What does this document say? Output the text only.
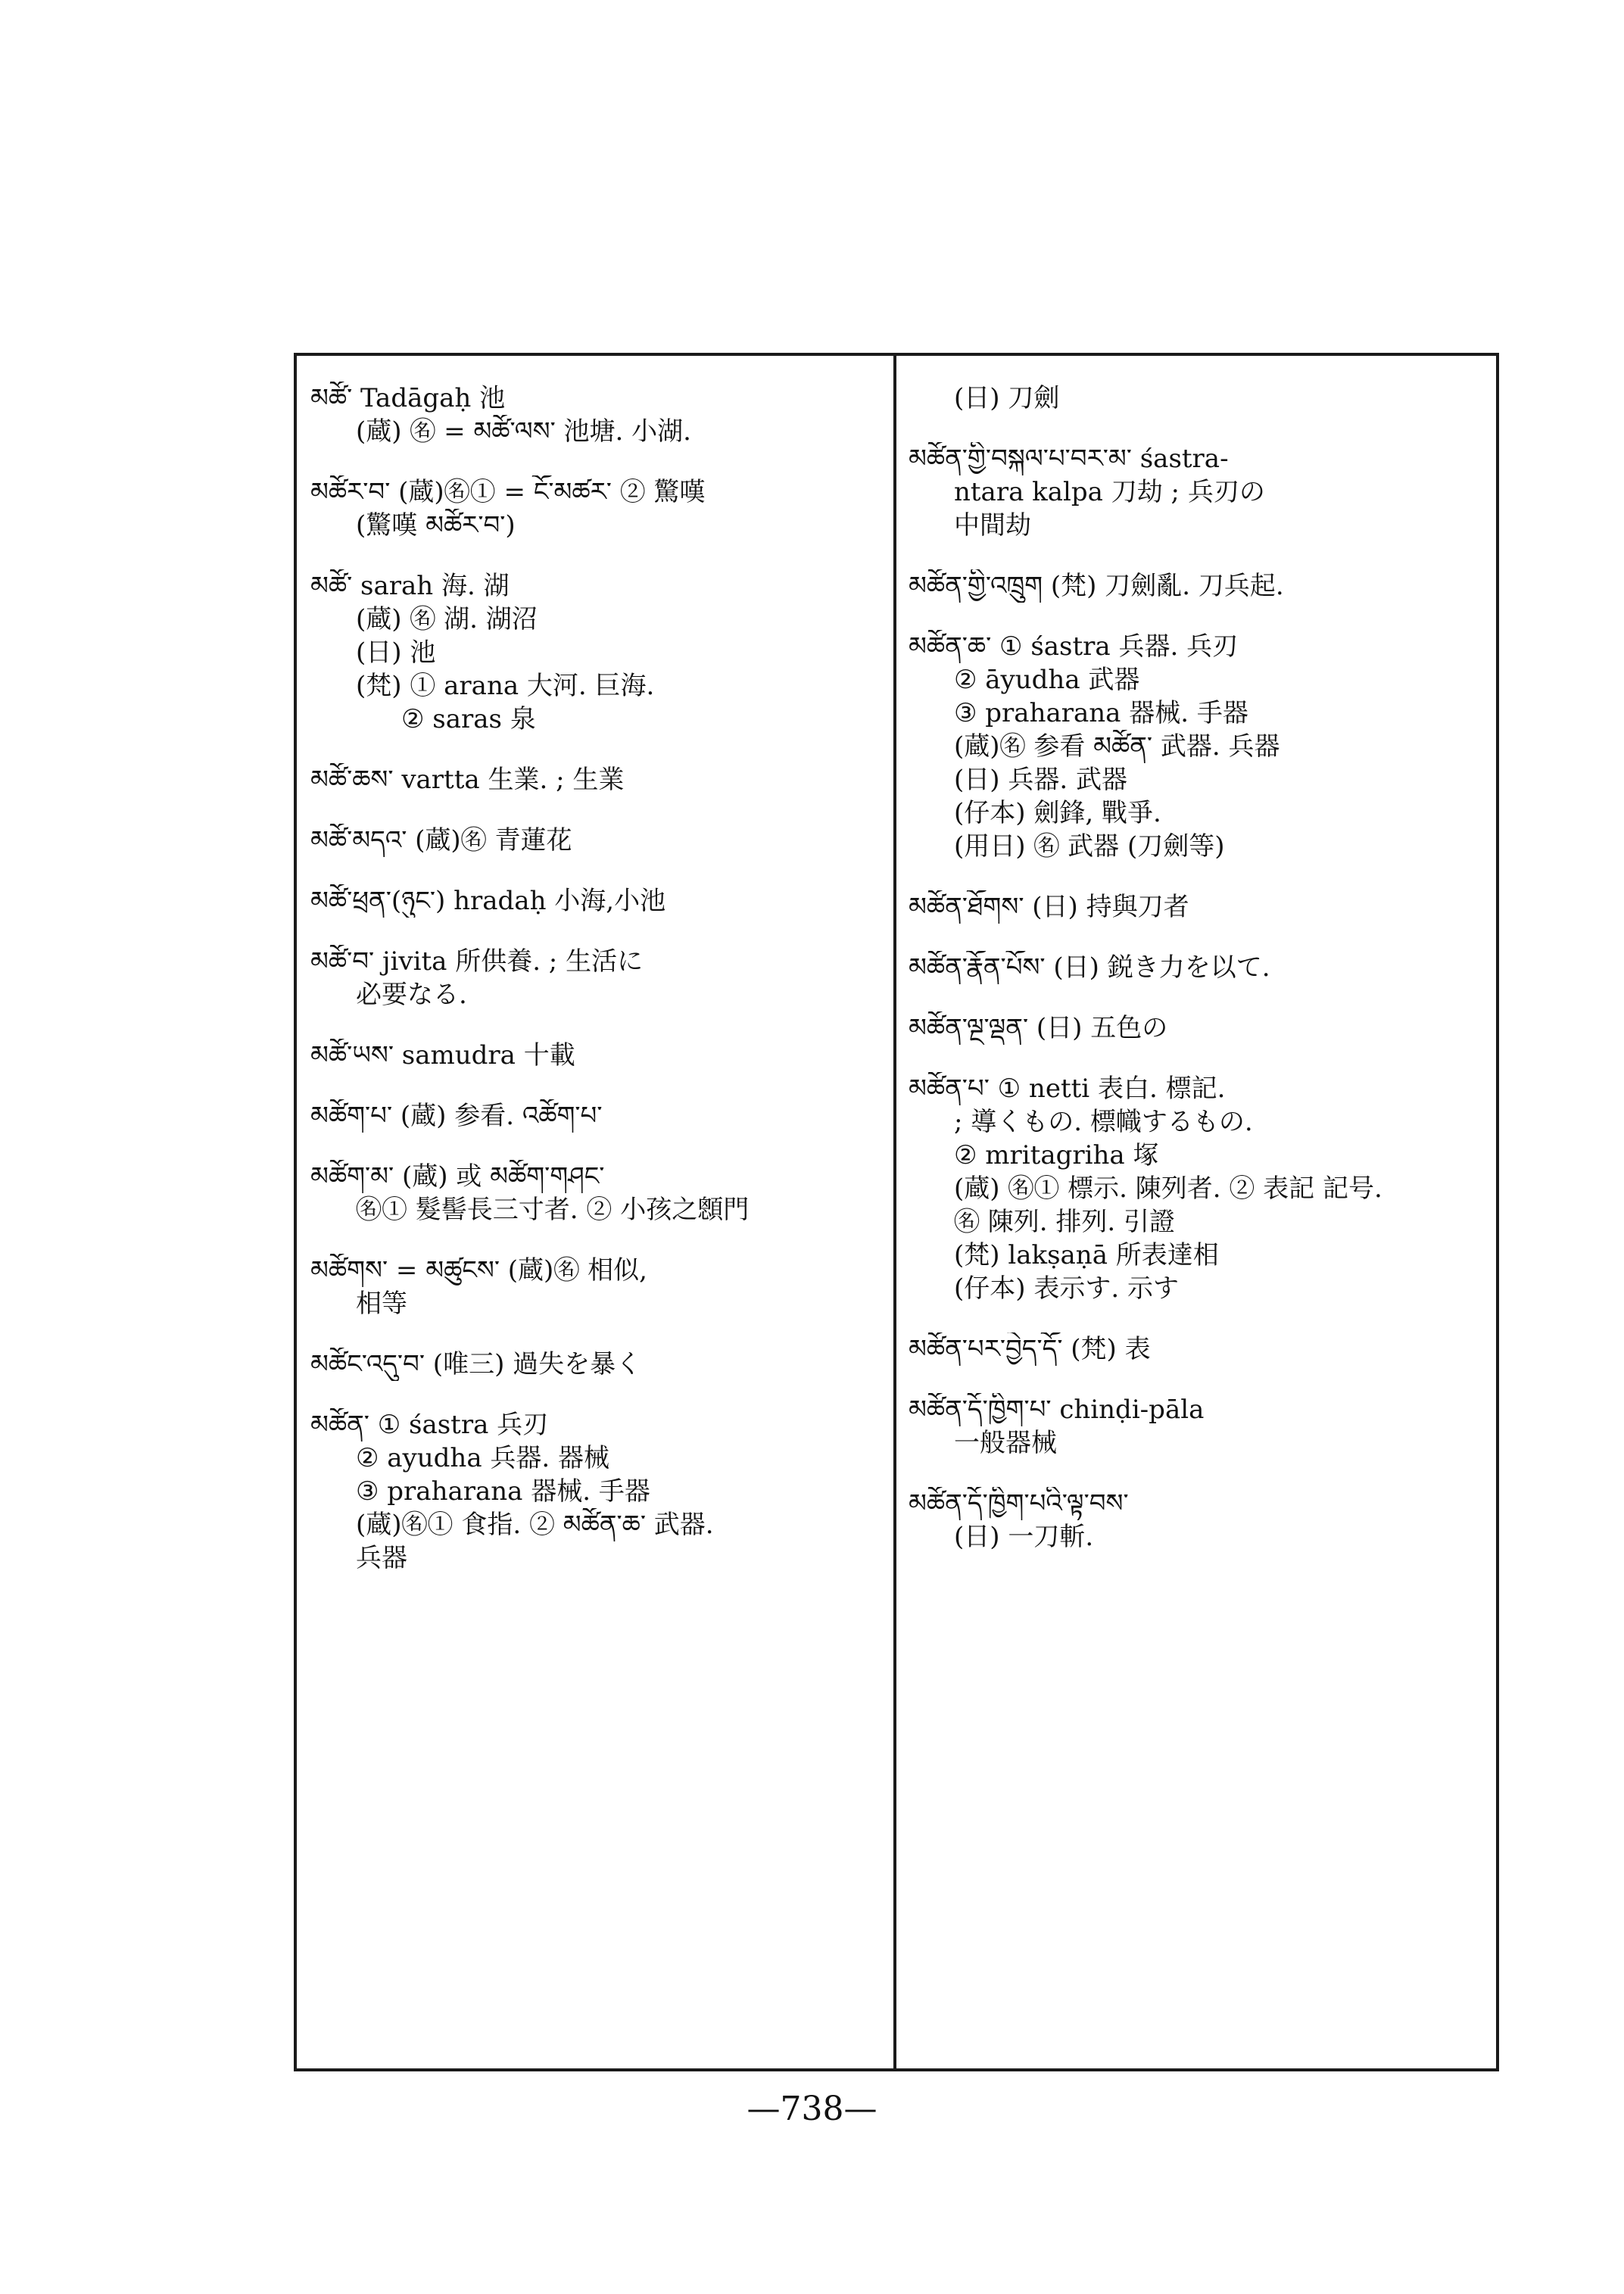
མཚོ་ Tadāgaḥ 池
(蔵) ㊔ = མཚོ་ལས་ 池塘. 小湖.
མཚོར་བ་ (蔵)㊔① = ངོ་མཚར་ ② 驚嘆
(驚嘆 མཚོར་བ་)
མཚོ་ sarah 海. 湖
(蔵) ㊔ 湖. 湖沼
(日) 池
(梵) ① arana 大河. 巨海.
② saras 泉
མཚོ་ཆས་ vartta 生業. ; 生業
མཚོ་མདའ་ (蔵)㊔ 青蓮花
མཚོ་ཕྲན་(ཉུང་) hradaḥ 小海,小池
མཚོ་བ་ jivita 所供養. ; 生活に
必要なる.
མཚོ་ཡས་ samudra 十載
མཚོག་པ་ (蔵) 参看. འཚོག་པ་
མཚོག་མ་ (蔵) 或 མཚོག་གཤང་
㊔① 髮髻長三寸者. ② 小孩之顖門
མཚོགས་ = མཚུངས་ (蔵)㊔ 相似,
相等
མཚོང་འདུ་བ་ (唯三) 過失を暴く
མཚོན་ ① śastra 兵刃
② ayudha 兵器. 器械
③ praharana 器械. 手器
(蔵)㊔① 食指. ② མཚོན་ཆ་ 武器.
兵器
(日) 刀劍
མཚོན་གྱི་བསྐལ་པ་བར་མ་ śastra-
ntara kalpa 刀劫 ; 兵刃の
中間劫
མཚོན་གྱི་འཁྲུག (梵) 刀劍亂. 刀兵起.
མཚོན་ཆ་ ① śastra 兵器. 兵刃
② āyudha 武器
③ praharana 器械. 手器
(蔵)㊔ 参看 མཚོན་ 武器. 兵器
(日) 兵器. 武器
(仔本) 劍鋒, 戰爭.
(用日) ㊔ 武器 (刀劍等)
མཚོན་ཐོགས་ (日) 持與刀者
མཚོན་རྣོན་པོས་ (日) 鋭き力を以て.
མཚོན་ལྔ་ལྡན་ (日) 五色の
མཚོན་པ་ ① netti 表白. 標記.
; 導くもの. 標幟するもの.
② mritagriha 塚
(蔵) ㊔① 標示. 陳列者. ② 表記 記号.
㊔ 陳列. 排列. 引證
(梵) lakṣaṇā 所表達相
(仔本) 表示す. 示す
མཚོན་པར་བྱེད་དོ་ (梵) 表
མཚོན་དོ་ཁྱིག་པ་ chinḍi-pāla
一般器械
མཚོན་དོ་ཁྱིག་པའི་ལྟ་བས་
(日) 一刀斬.
—738—
